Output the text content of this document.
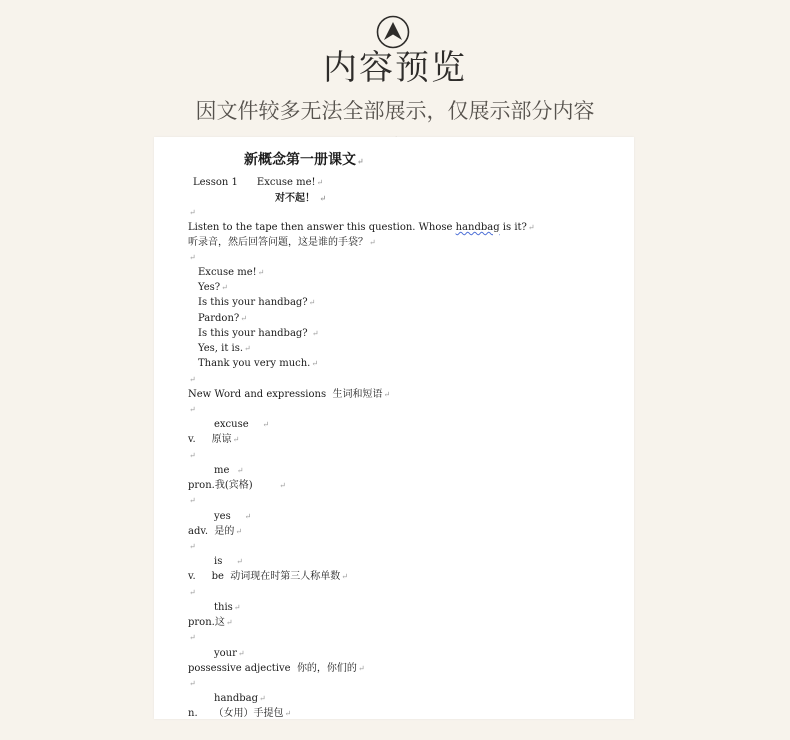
内容预览
因文件较多无法全部展示，仅展示部分内容
新概念第一册课文↵
Lesson 1 Excuse me!↵
对不起！ ↵
↵
Listen to the tape then answer this question. Whose handbag is it?↵
听录音，然后回答问题，这是谁的手袋？↵
↵
Excuse me!↵
Yes?↵
Is this your handbag?↵
Pardon?↵
Is this your handbag? ↵
Yes, it is.↵
Thank you very much.↵
↵
New Word and expressions  生词和短语↵
↵
excuse    ↵
v. 原谅↵
↵
me  ↵
pron.我(宾格)        ↵
↵
yes    ↵
adv. 是的↵
↵
is    ↵
v. be  动词现在时第三人称单数↵
↵
this↵
pron.这↵
↵
your↵
possessive adjective 你的，你们的↵
↵
handbag↵
n. （女用）手提包↵
